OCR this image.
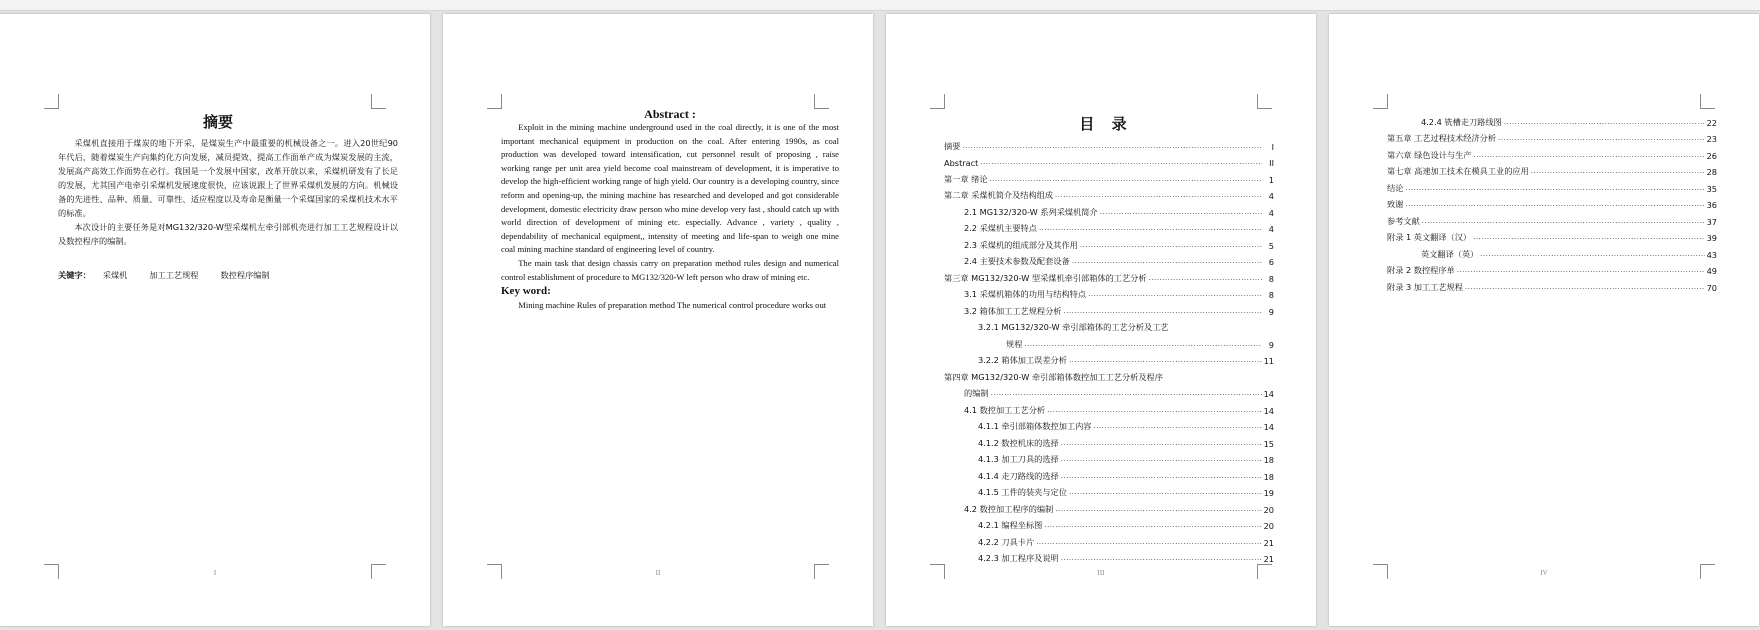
摘要

采煤机直接用于煤炭的地下开采，是煤炭生产中最重要的机械设备之一。进入20世纪90年代后，随着煤炭生产向集约化方向发展，减员提效、提高工作面单产成为煤炭发展的主流，发展高产高效工作面势在必行。我国是一个发展中国家，改革开放以来，采煤机研发有了长足的发展，尤其国产电牵引采煤机发展速度很快，应该说跟上了世界采煤机发展的方向。机械设备的先进性、品种、质量、可靠性、适应程度以及寿命是衡量一个采煤国家的采煤机技术水平的标准。

本次设计的主要任务是对MG132/320-W型采煤机左牵引部机壳进行加工工艺规程设计以及数控程序的编制。

关键字： 采煤机	加工工艺规程	数控程序编制
I
Abstract :

Exploit in the mining machine underground used in the coal directly, it is one of the most important mechanical equipment in production on the coal. After entering 1990s, as coal production was developed toward intensification, cut personnel result of proposing , raise working range per unit area yield become coal mainstream of development, it is imperative to develop the high-efficient working range of high yield. Our country is a developing country, since reform and opening-up, the mining machine has researched and developed and got considerable development, domestic electricity draw person who mine develop very fast , should catch up with world direction of development of mining etc. especially. Advance , variety , quality , dependability of mechanical equipment,, intensity of meeting and life-span to weigh one mine coal mining machine standard of engineering level of country.

The main task that design chassis carry on preparation method rules design and numerical control establishment of procedure to MG132/320-W left person who draw of mining etc.

Key word:

Mining machine Rules of preparation method The numerical control procedure works out

II
目 录
摘要 ·····	I
Abstract ·····	II
第一章 绪论 ·····	1
第二章 采煤机简介及结构组成 ·····	4
2.1 MG132/320-W 系列采煤机简介 ·····	4
2.2 采煤机主要特点 ·····	4
2.3 采煤机的组成部分及其作用 ·····	5
2.4 主要技术参数及配套设备 ·····	6
第三章 MG132/320-W 型采煤机牵引部箱体的工艺分析 ·····	8
3.1 采煤机箱体的功用与结构特点 ·····	8
3.2 箱体加工工艺规程分析 ·····	9
3.2.1 MG132/320-W 牵引部箱体的工艺分析及工艺
规程 ·····	9
3.2.2 箱体加工误差分析 ·····	11
第四章 MG132/320-W 牵引部箱体数控加工工艺分析及程序
的编制 ·····	14
4.1 数控加工工艺分析 ·····	14
4.1.1 牵引部箱体数控加工内容 ·····	14
4.1.2 数控机床的选择 ·····	15
4.1.3 加工刀具的选择 ·····	18
4.1.4 走刀路线的选择 ·····	18
4.1.5 工件的装夹与定位 ·····	19
4.2 数控加工程序的编制 ·····	20
4.2.1 编程坐标图 ·····	20
4.2.2 刀具卡片 ·····	21
4.2.3 加工程序及说明 ·····	21
III
4.2.4 铣槽走刀路线图 ·····	22
第五章 工艺过程技术经济分析 ·····	23
第六章 绿色设计与生产 ·····	26
第七章 高速加工技术在模具工业的应用 ·····	28
结论 ·····	35
致谢 ·····	36
参考文献 ·····	37
附录 1 英文翻译（汉） ·····	39
英文翻译（英） ·····	43
附录 2 数控程序单 ·····	49
附录 3 加工工艺规程 ·····	70
IV
